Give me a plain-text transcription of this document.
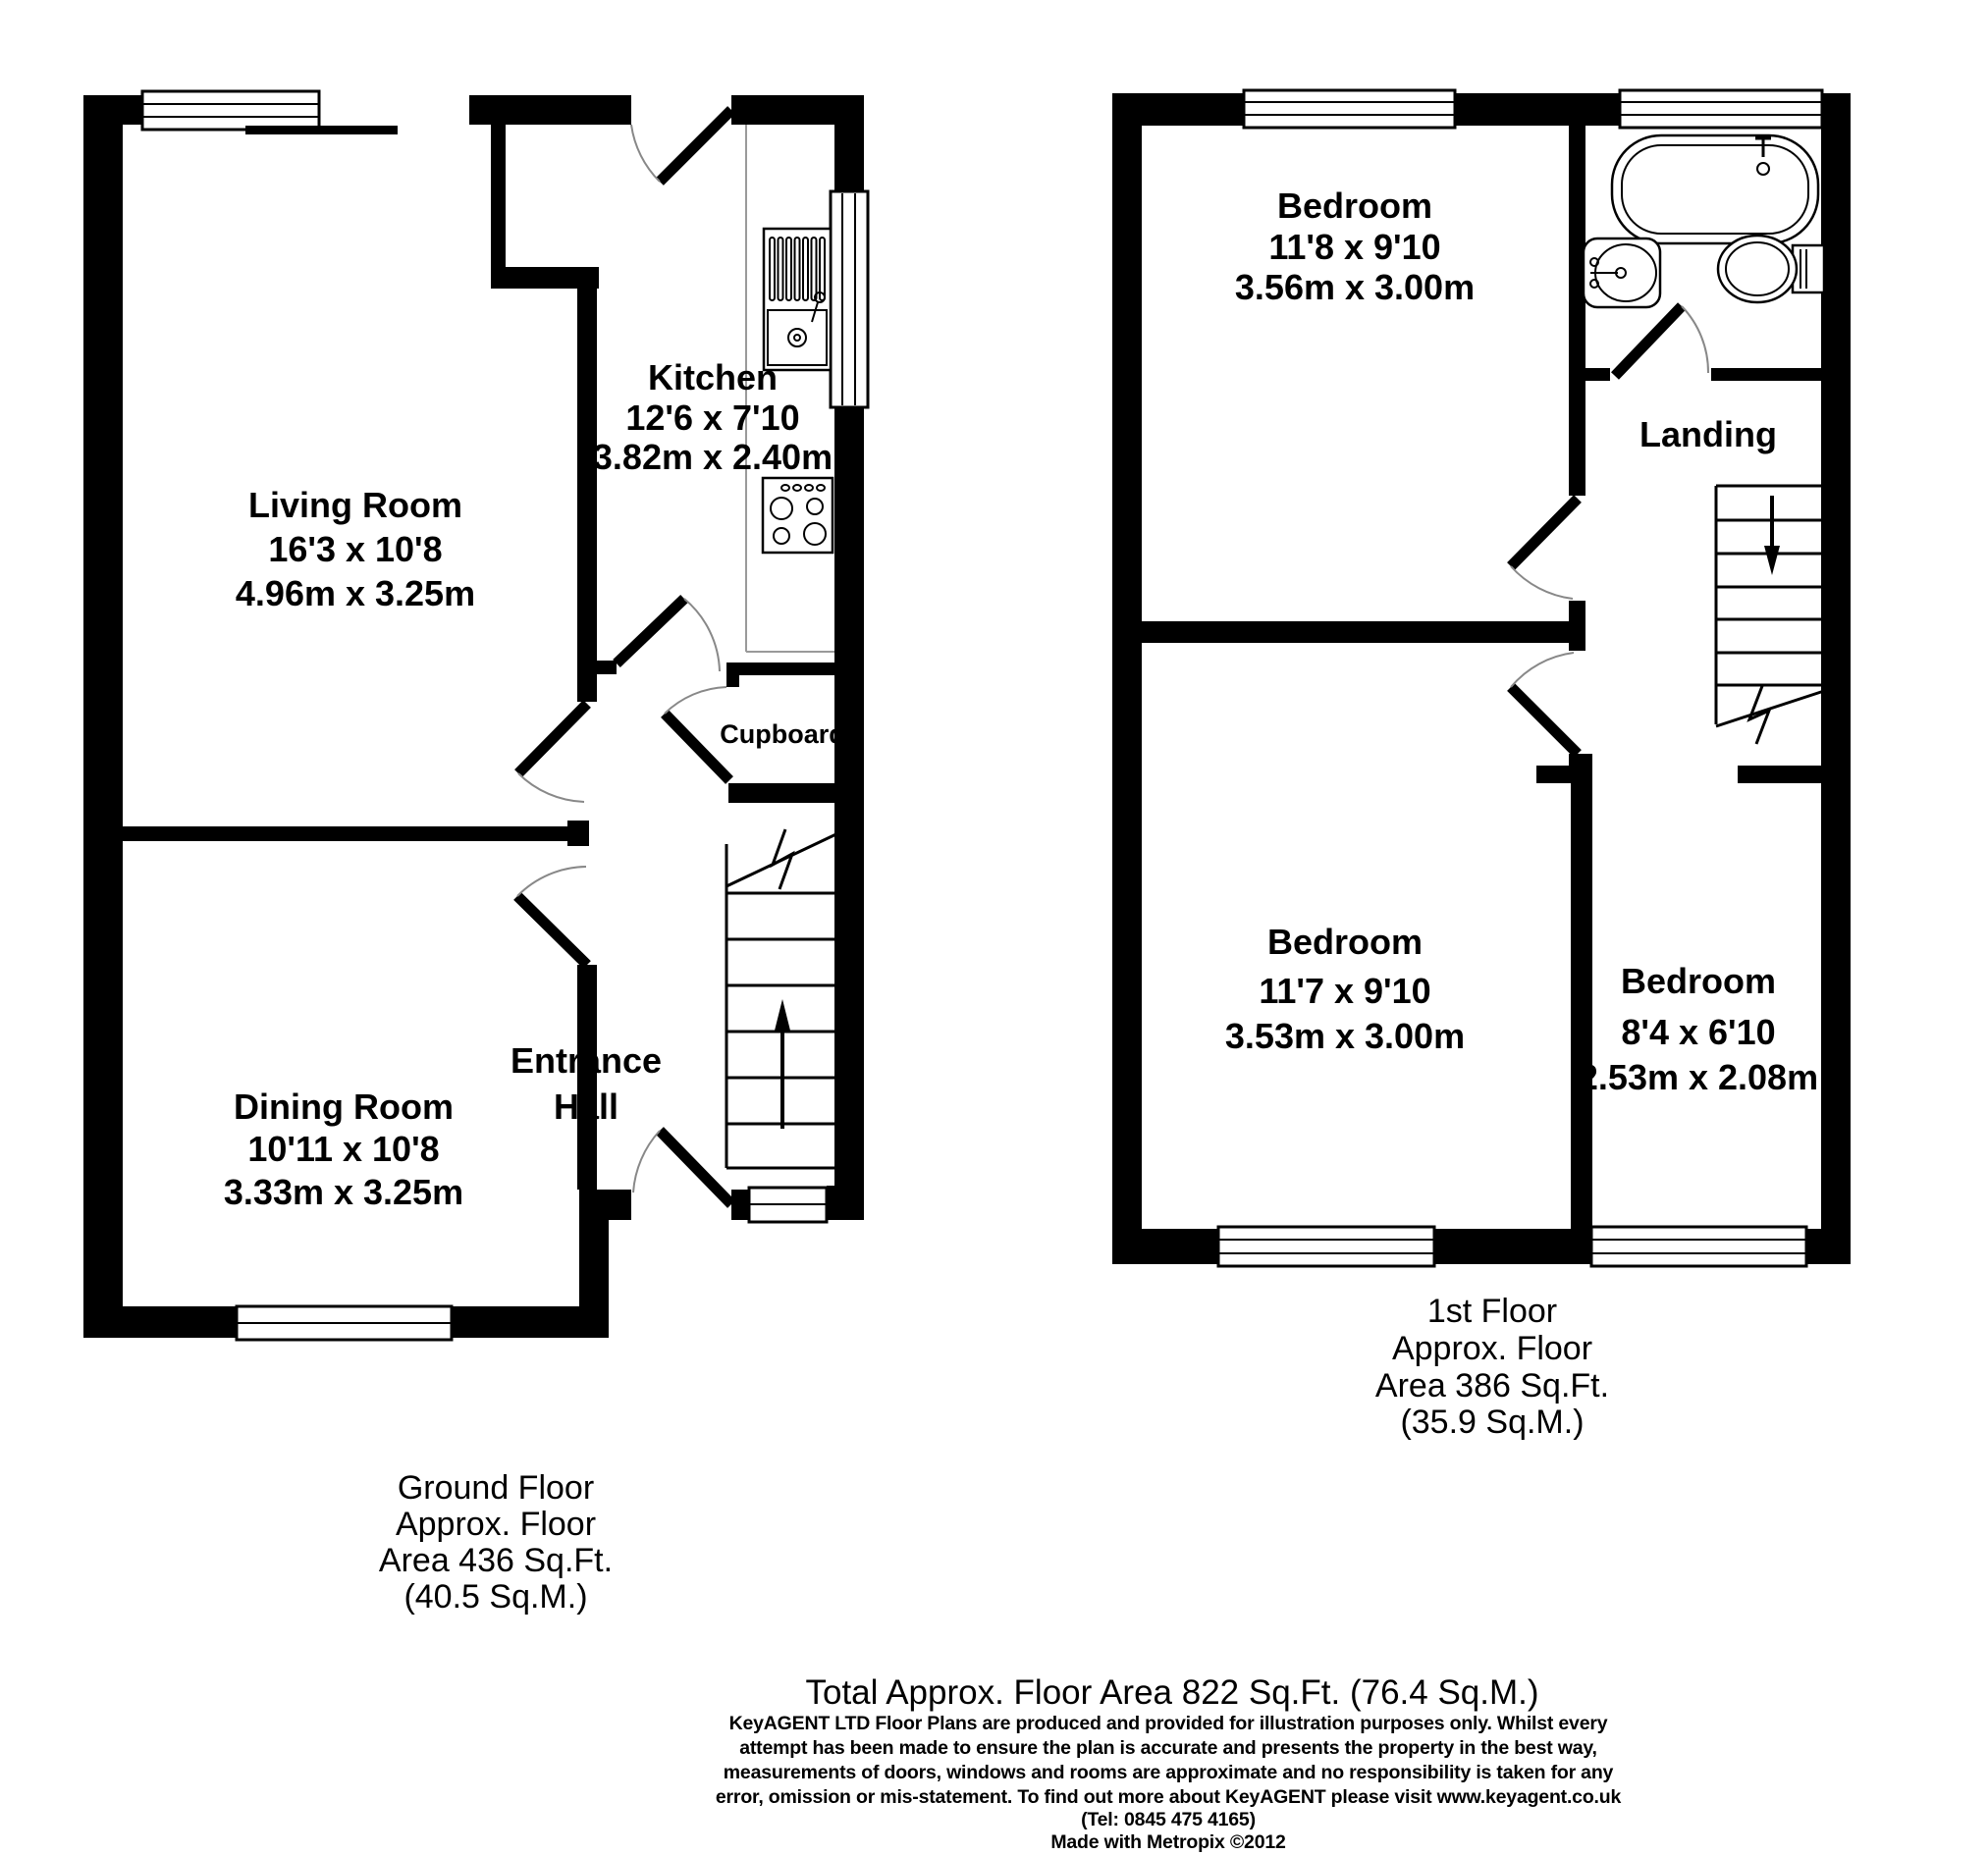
Living Room
16'3 x 10'8
4.96m x 3.25m
Kitchen
12'6 x 7'10
3.82m x 2.40m
Cupboard
Entrance
Hall
Dining Room
10'11 x 10'8
3.33m x 3.25m
Bedroom
11'8 x 9'10
3.56m x 3.00m
Landing
Bedroom
11'7 x 9'10
3.53m x 3.00m
Bedroom
8'4 x 6'10
2.53m x 2.08m
Ground Floor
Approx. Floor
Area 436 Sq.Ft.
(40.5 Sq.M.)
1st Floor
Approx. Floor
Area 386 Sq.Ft.
(35.9 Sq.M.)
Total Approx. Floor Area 822 Sq.Ft. (76.4 Sq.M.)
KeyAGENT LTD Floor Plans are produced and provided for illustration purposes only. Whilst every
attempt has been made to ensure the plan is accurate and presents the property in the best way,
measurements of doors, windows and rooms are approximate and no responsibility is taken for any
error, omission or mis-statement. To find out more about KeyAGENT please visit www.keyagent.co.uk
(Tel: 0845 475 4165)
Made with Metropix ©2012
